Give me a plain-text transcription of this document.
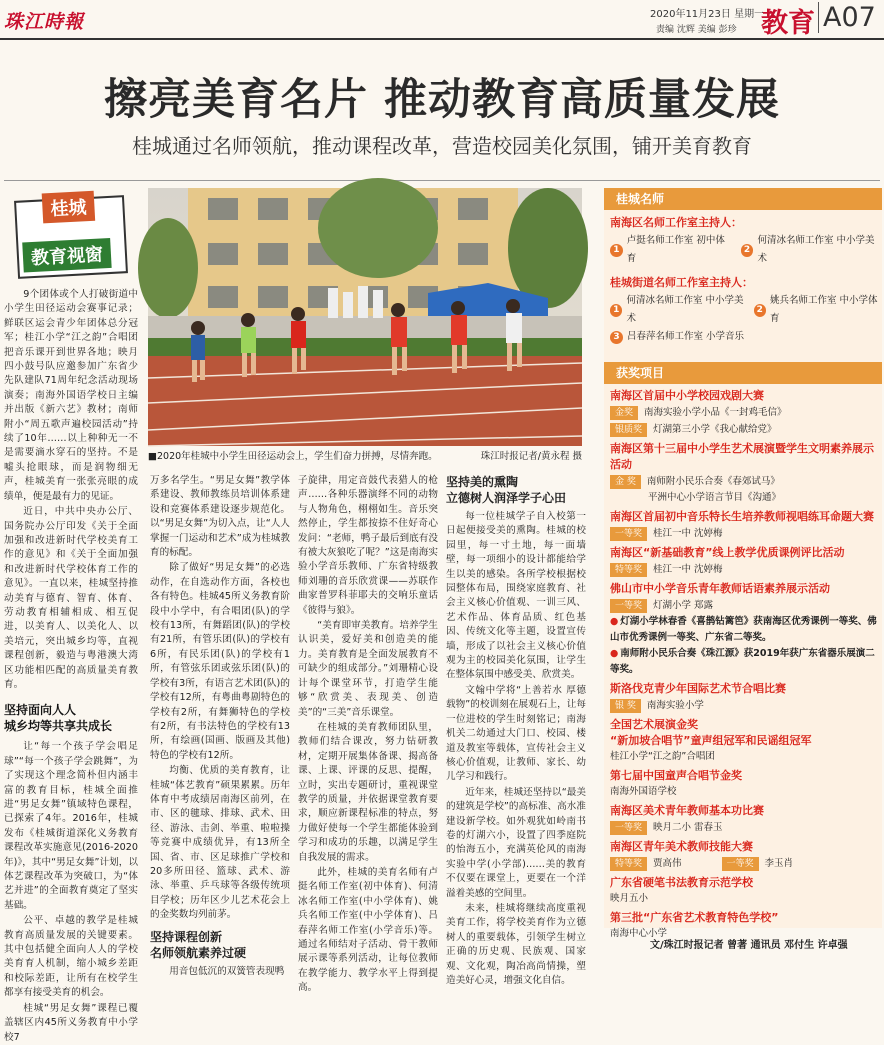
珠江時報	2020年11月23日 星期一
责编 沈辉 美编 彭珍 教育 A07
擦亮美育名片 推动教育高质量发展
桂城通过名师领航，推动课程改革，营造校园美化氛围，铺开美育教育
桂城
教育视窗

9个团体或个人打破街道中小学生田径运动会赛事记录；鲜联区运会青少年团体总分冠军；桂江小学“江之韵”合唱团把音乐课开到世界各地；映月四小鼓号队应邀参加广东省少先队建队71周年纪念活动现场演奏；南海外国语学校日主编并出版《新六艺》教材；南师附小“周五歌声遍校园活动”持续了10年……以上种种无一不是需要滴水穿石的坚持。不是嘘头抢眼球，而是润物细无声，桂城美育一张张亮眼的成绩单，便是最有力的见证。

近日，中共中央办公厅、国务院办公厅印发《关于全面加强和改进新时代学校美育工作的意见》和《关于全面加强和改进新时代学校体育工作的意见》。一直以来，桂城坚持推动美育与德育、智育、体育、劳动教育相辅相成、相互促进，以美育人、以美化人、以美培元，突出城乡均等，直视课程创新，毅造与粤港澳大湾区功能相匹配的高质量美育教育。

坚持面向人人
城乡均等共享共成长

让“每一个孩子学会唱足球”“每一个孩子学会跳舞”，为了实现这个理念简朴但内涵丰富的教育目标，桂城全面推进“男足女舞”镇域特色课程，已探索了4年。2016年，桂城发布《桂城街道深化义务教育课程改革实施意见(2016-2020年)》，其中“男足女舞”计划，以体艺课程改革为突破口，为“体艺并进”的全面教育奠定了坚实基础。

公平、卓越的教学是桂城教育高质量发展的关键要素。其中包括健全面向人人的学校美育育人机制，缩小城乡差距和校际差距，让所有在校学生都享有接受美育的机会。

桂城“男足女舞”课程已覆盖辖区内45所义务教育中小学校7

■2020年桂城中小学生田径运动会上，学生们奋力拼搏，尽情奔跑。	珠江时报记者/黄永程 摄

万多名学生。“男足女舞”教学体系建设、教师教练员培训体系建设和竞赛体系建设逐步规范化。以“男足女舞”为切入点，让“人人掌握一门运动和艺术”成为桂城教育的标配。

除了做好“男足女舞”的必选动作，在自选动作方面，各校也各有特色。桂城45所义务教育阶段中小学中，有合唱团(队)的学校有13所，有舞蹈团(队)的学校有21所，有管乐团(队)的学校有6所，有民乐团(队)的学校有1所，有管弦乐团或弦乐团(队)的学校有3所，有语言艺术团(队)的学校有12所，有粤曲粤剧特色的学校有2所，有舞狮特色的学校有2所，有书法特色的学校有13所，有绘画(国画、版画及其他)特色的学校有12所。

均衡、优质的美育教育，让桂城“体艺教育”硕果累累。历年体育中考成绩居南海区前列，在市、区的毽球、排球、武术、田径、游泳、击剑、举重、啦啦操等竞赛中成绩优异，有13所全国、省、市、区足球推广学校和20多所田径、篮球、武术、游泳、举重、乒乓球等各级传统项目学校；历年区少儿艺术花会上的金奖数均列前茅。

坚持课程创新
名师领航素养过硬

用音包低沉的双簧管表现鸭

子旋律，用定音鼓代表猎人的枪声……各种乐器演绎不同的动物与人物角色，栩栩如生。音乐突然停止，学生都按捺不住好奇心发问：“老师，鸭子最后到底有没有被大灰狼吃了呢？”这是南海实验小学音乐教师、广东省特级教师刘珊的音乐欣赏课——苏联作曲家普罗科菲耶夫的交响乐童话《彼得与狼》。

“美育即审美教育。培养学生认识美，爱好美和创造美的能力。美育教育是全面发展教育不可缺少的组成部分。”刘珊精心设计每个课堂环节，打造学生能够“欣赏美、表现美、创造美”的“三美”音乐课堂。

在桂城的美育教师团队里，教师们结合课改，努力钻研教材，定期开展集体备课、揭高备课、上课、评课的反思、提醒，立时，实出专题研讨，重视课堂教学的质量，并依据课堂教育要求，顺应新课程标准的特点，努力做好使每一个学生都能体验到学习和成功的乐趣，以满足学生自我发展的需求。

此外，桂城的美育名师有卢挺名师工作室(初中体育)、何清冰名师工作室(中小学体育)、姚兵名师工作室(中小学体育)、吕春萍名师工作室(小学音乐)等。通过名师结对子活动、骨干教师展示课等系列活动，让每位教师在教学能力、教学水平上得到提高。

坚持美的熏陶
立德树人润泽学子心田

每一位桂城学子自入校第一日起便接受美的熏陶。桂城的校园里，每一寸土地，每一面墙壁，每一项细小的设计都能给学生以美的感染。各所学校根据校园整体布局，围绕家庭教育、社会主义核心价值观、一训三风、艺术作品、体育品质、红色基因、传统文化等主题，设置宣传墙，形成了以社会主义核心价值观为主的校园美化氛围，让学生在整体氛围中感受美、欣赏美。

文翰中学将“上善若水 厚德载物”的校训刻在展观石上，让每一位进校的学生时刻铭记；南海机关二幼通过大门口、校园、楼道及教室等载体，宣传社会主义核心价值观，让教师、家长、幼儿学习和践行。

近年来，桂城还坚持以“最美的建筑是学校”的高标准、高水准建设新学校。如外观犹如岭南书卷的灯湖六小，设置了四季庭院的怡海五小，充满英伦风的南海实验中学(小学部)……美的教育不仅要在课堂上，更要在一个洋溢着美感的空间里。

未来，桂城将继续高度重视美育工作，将学校美育作为立德树人的重要载体，引领学生树立正确的历史观、民族观、国家观、文化观，陶冶高尚情操，塑造美好心灵，增强文化自信。

桂城名师
南海区名师工作室主持人：
1
卢挺名师工作室 初中体育
2
何清冰名师工作室 中小学美术
桂城街道名师工作室主持人：
1
何清冰名师工作室 中小学美术
2
姚兵名师工作室 中小学体育
3 吕春萍名师工作室 小学音乐
获奖项目
南海区首届中小学校园戏剧大赛
金奖	南海实验小学小品《一封鸡毛信》
银质奖	灯湖第三小学《我心献给党》
南海区第十三届中小学生艺术展演暨学生文明素养展示活动
金 奖	南师附小民乐合奏《春郊试马》
平洲中心小学语言节目《沟通》
南海区首届初中音乐特长生培养教师视唱练耳命题大赛
一等奖	桂江一中 沈婷梅
南海区“新基础教育”线上教学优质课例评比活动
特等奖	桂江一中 沈婷梅
佛山市中小学音乐青年教师话语素养展示活动
一等奖	灯湖小学 郑露
● 灯湖小学林春香《喜鹊钻篱笆》获南海区优秀课例一等奖、佛山市优秀课例一等奖、广东省二等奖。
● 南师附小民乐合奏《珠江源》获2019年获广东省器乐展演二等奖。
斯洛伐克青少年国际艺术节合唱比赛
银 奖	南海实验小学
全国艺术展演金奖
“新加坡合唱节”童声组冠军和民谣组冠军
桂江小学“江之韵”合唱团
第七届中国童声合唱节金奖
南海外国语学校
南海区美术青年教师基本功比赛
一等奖	映月二小 雷春玉
南海区青年美术教师技能大赛
特等奖	贾高伟	一等奖	李玉肖
广东省硬笔书法教育示范学校
映月五小
第三批“广东省艺术教育特色学校”
南海中心小学
文/珠江时报记者 曾著 通讯员 邓付生 许卓强
